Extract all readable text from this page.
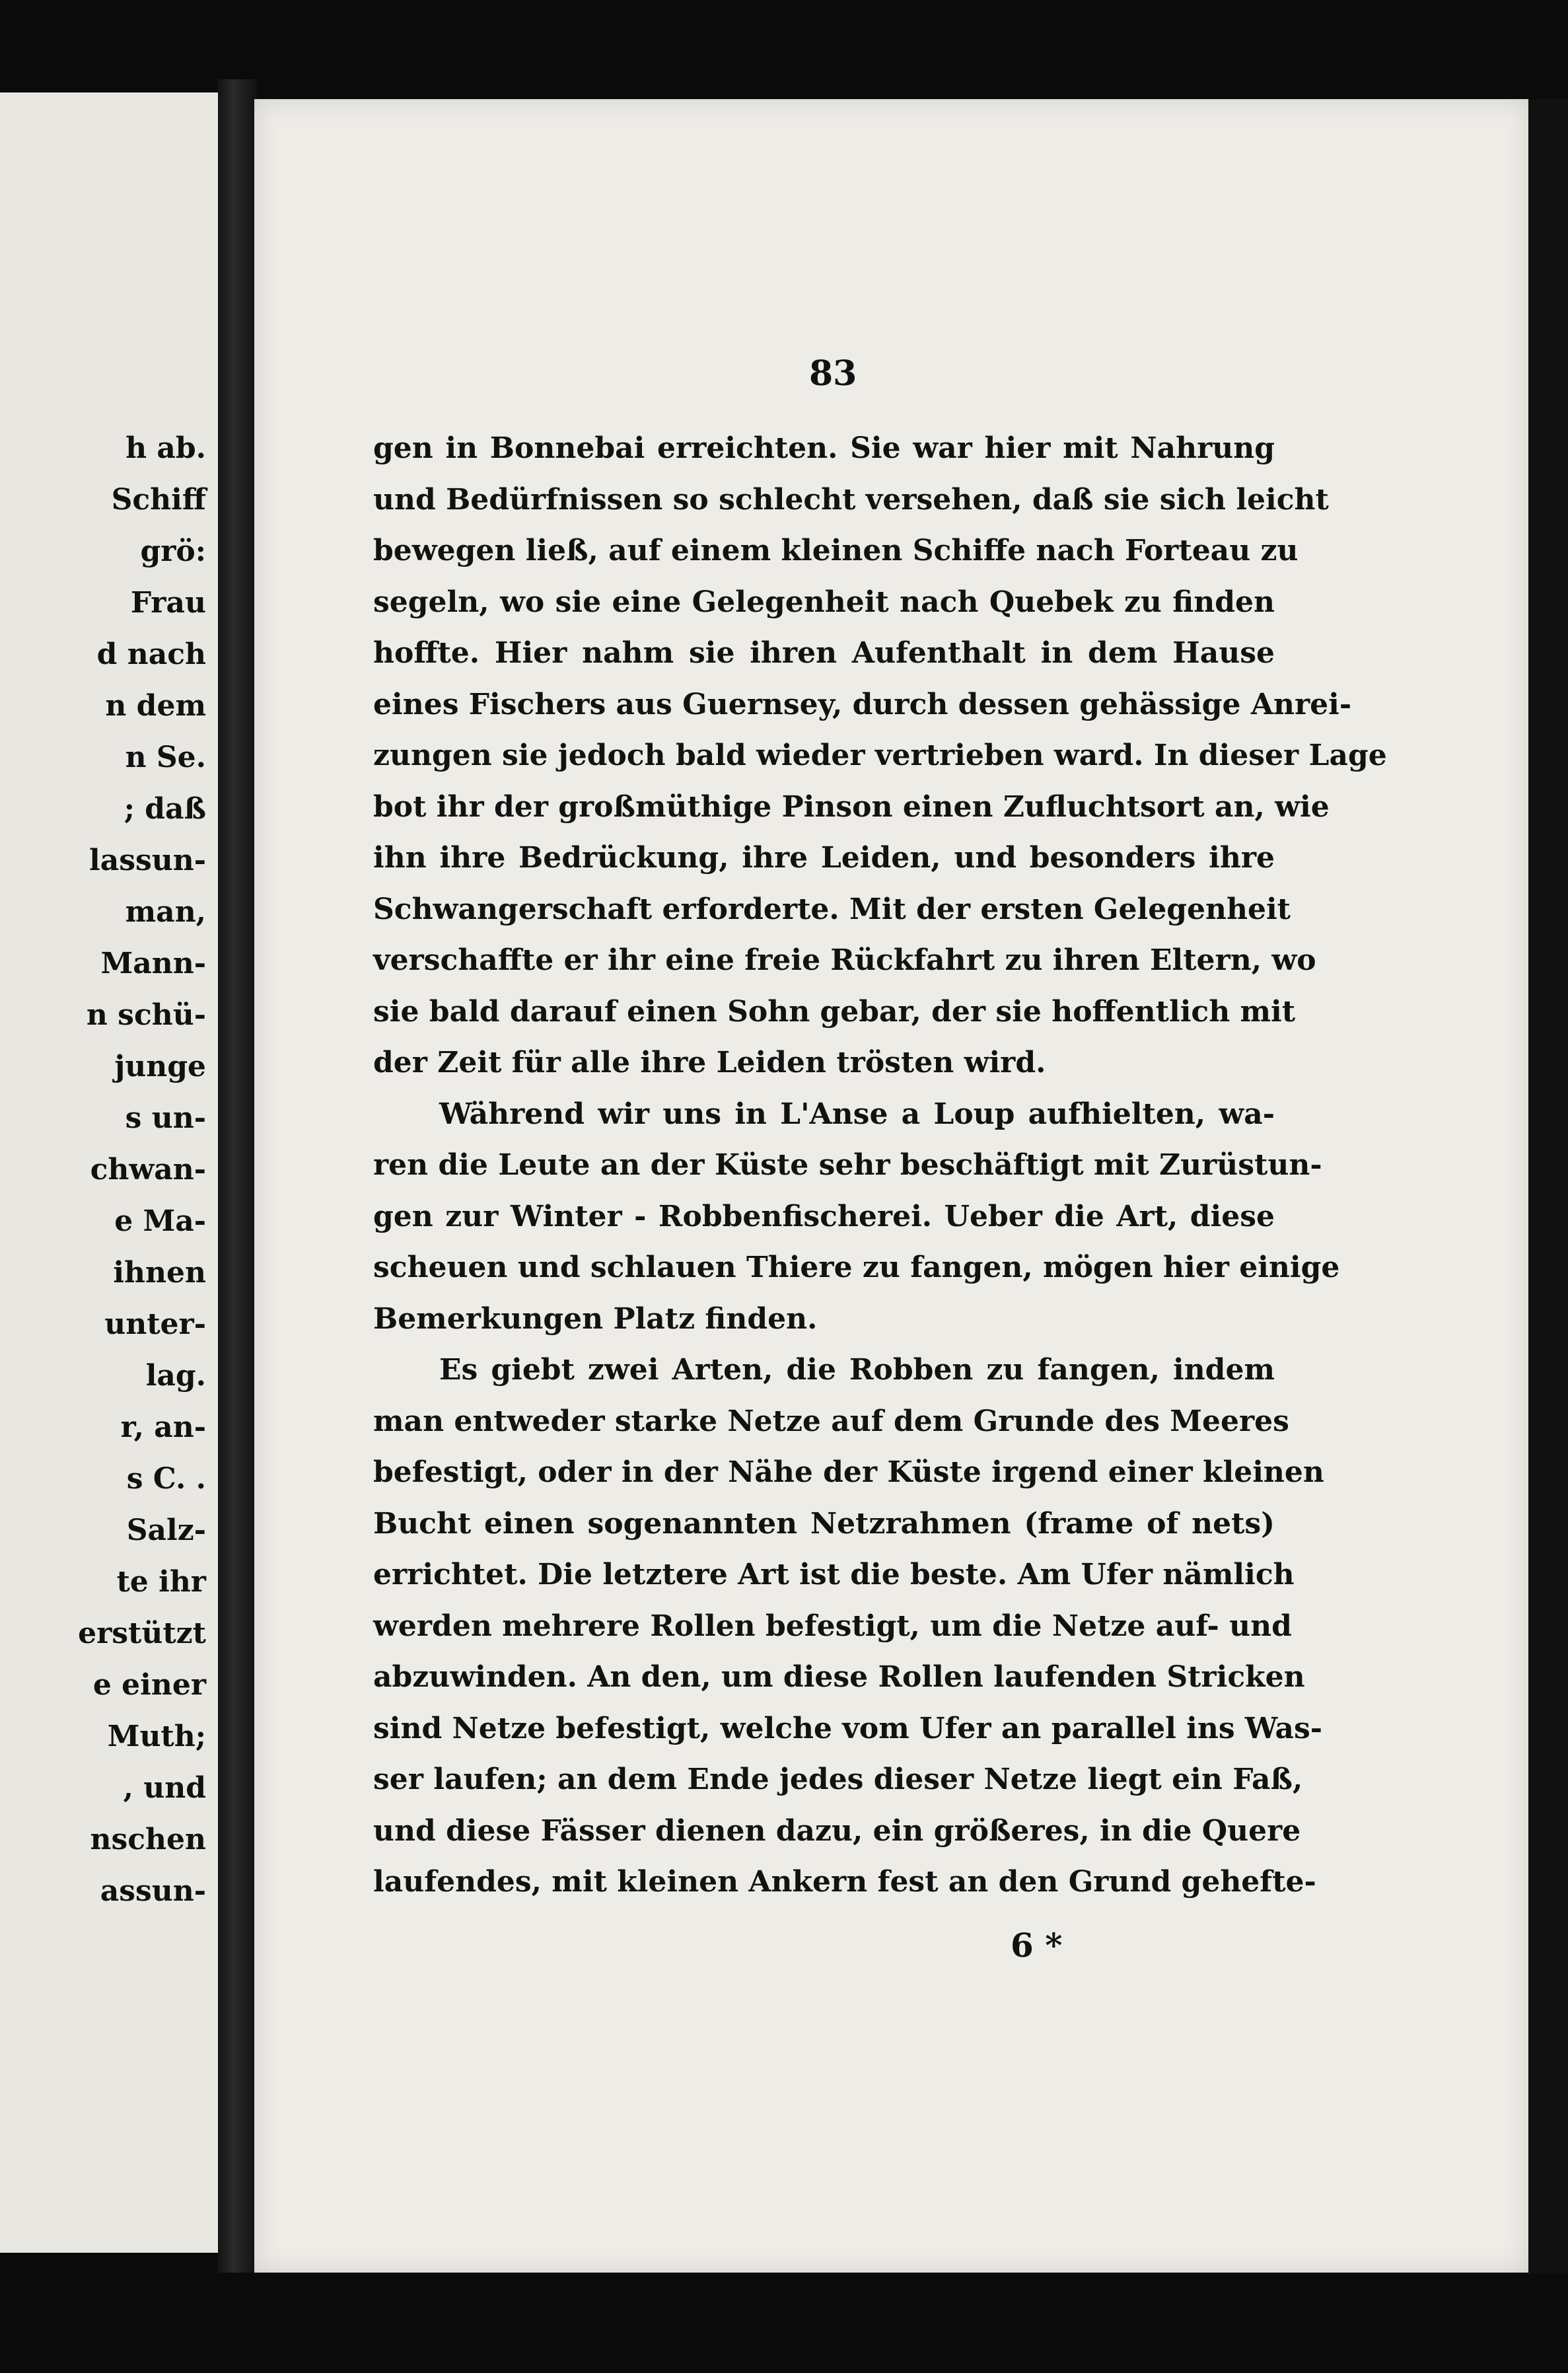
h ab.
Schiff
grö:
Frau
d nach
n dem
n Se.
; daß
lassun-
man,
Mann-
n schü-
junge
s un-
chwan-
e Ma-
ihnen
unter-
lag.
r, an-
s C. .
Salz-
te ihr
erstützt
e einer
Muth;
, und
nschen
assun-
83
gen in Bonnebai erreichten. Sie war hier mit Nahrung
und Bedürfnissen so schlecht versehen, daß sie sich leicht
bewegen ließ, auf einem kleinen Schiffe nach Forteau zu
segeln, wo sie eine Gelegenheit nach Quebek zu finden
hoffte. Hier nahm sie ihren Aufenthalt in dem Hause
eines Fischers aus Guernsey, durch dessen gehässige Anrei-
zungen sie jedoch bald wieder vertrieben ward. In dieser Lage
bot ihr der großmüthige Pinson einen Zufluchtsort an, wie
ihn ihre Bedrückung, ihre Leiden, und besonders ihre
Schwangerschaft erforderte. Mit der ersten Gelegenheit
verschaffte er ihr eine freie Rückfahrt zu ihren Eltern, wo
sie bald darauf einen Sohn gebar, der sie hoffentlich mit
der Zeit für alle ihre Leiden trösten wird.
Während wir uns in L'Anse a Loup aufhielten, wa-
ren die Leute an der Küste sehr beschäftigt mit Zurüstun-
gen zur Winter - Robbenfischerei. Ueber die Art, diese
scheuen und schlauen Thiere zu fangen, mögen hier einige
Bemerkungen Platz finden.
Es giebt zwei Arten, die Robben zu fangen, indem
man entweder starke Netze auf dem Grunde des Meeres
befestigt, oder in der Nähe der Küste irgend einer kleinen
Bucht einen sogenannten Netzrahmen (frame of nets)
errichtet. Die letztere Art ist die beste. Am Ufer nämlich
werden mehrere Rollen befestigt, um die Netze auf- und
abzuwinden. An den, um diese Rollen laufenden Stricken
sind Netze befestigt, welche vom Ufer an parallel ins Was-
ser laufen; an dem Ende jedes dieser Netze liegt ein Faß,
und diese Fässer dienen dazu, ein größeres, in die Quere
laufendes, mit kleinen Ankern fest an den Grund gehefte-
6 *
